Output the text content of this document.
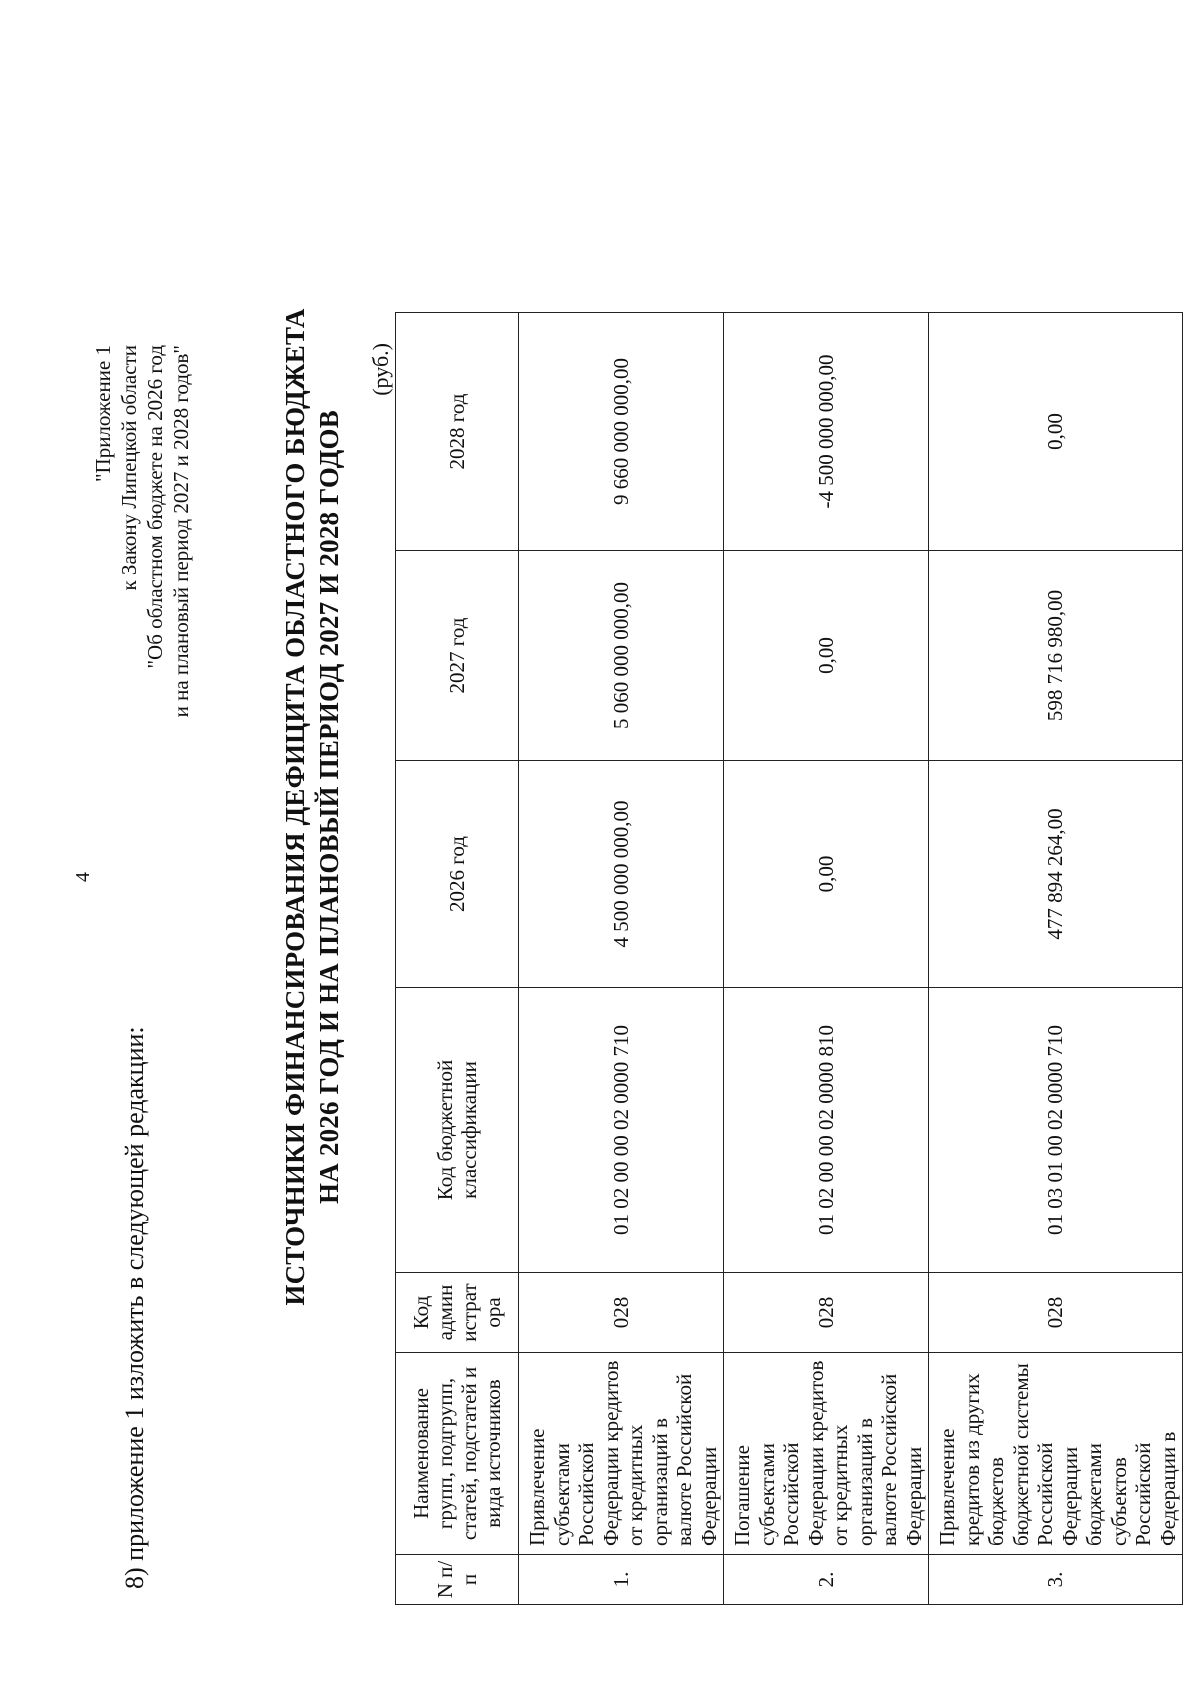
4
8) приложение 1 изложить в следующей редакции:
"Приложение 1 к Закону Липецкой области "Об областном бюджете на 2026 год и на плановый период 2027 и 2028 годов"	ИСТОЧНИКИ ФИНАНСИРОВАНИЯ ДЕФИЦИТА ОБЛАСТНОГО БЮДЖЕТА НА 2026 ГОД И НА ПЛАНОВЫЙ ПЕРИОД 2027 И 2028 ГОДОВ
(руб.)
N п/п	Наименование групп, подгрупп, статей, подстатей и вида источников	Код админ истрат ора	Код бюджетной классификации	2026 год	2027 год	2028 год
1.	Привлечение субъектами Российской Федерации кредитов от кредитных организаций в валюте Российской Федерации	028	01 02 00 00 02 0000 710	4 500 000 000,00	5 060 000 000,00	9 660 000 000,00
2.	Погашение субъектами Российской Федерации кредитов от кредитных организаций в валюте Российской Федерации	028	01 02 00 00 02 0000 810	0,00	0,00	-4 500 000 000,00
3.	Привлечение кредитов из других бюджетов бюджетной системы Российской Федерации бюджетами субъектов Российской Федерации в	028	01 03 01 00 02 0000 710	477 894 264,00	598 716 980,00	0,00
